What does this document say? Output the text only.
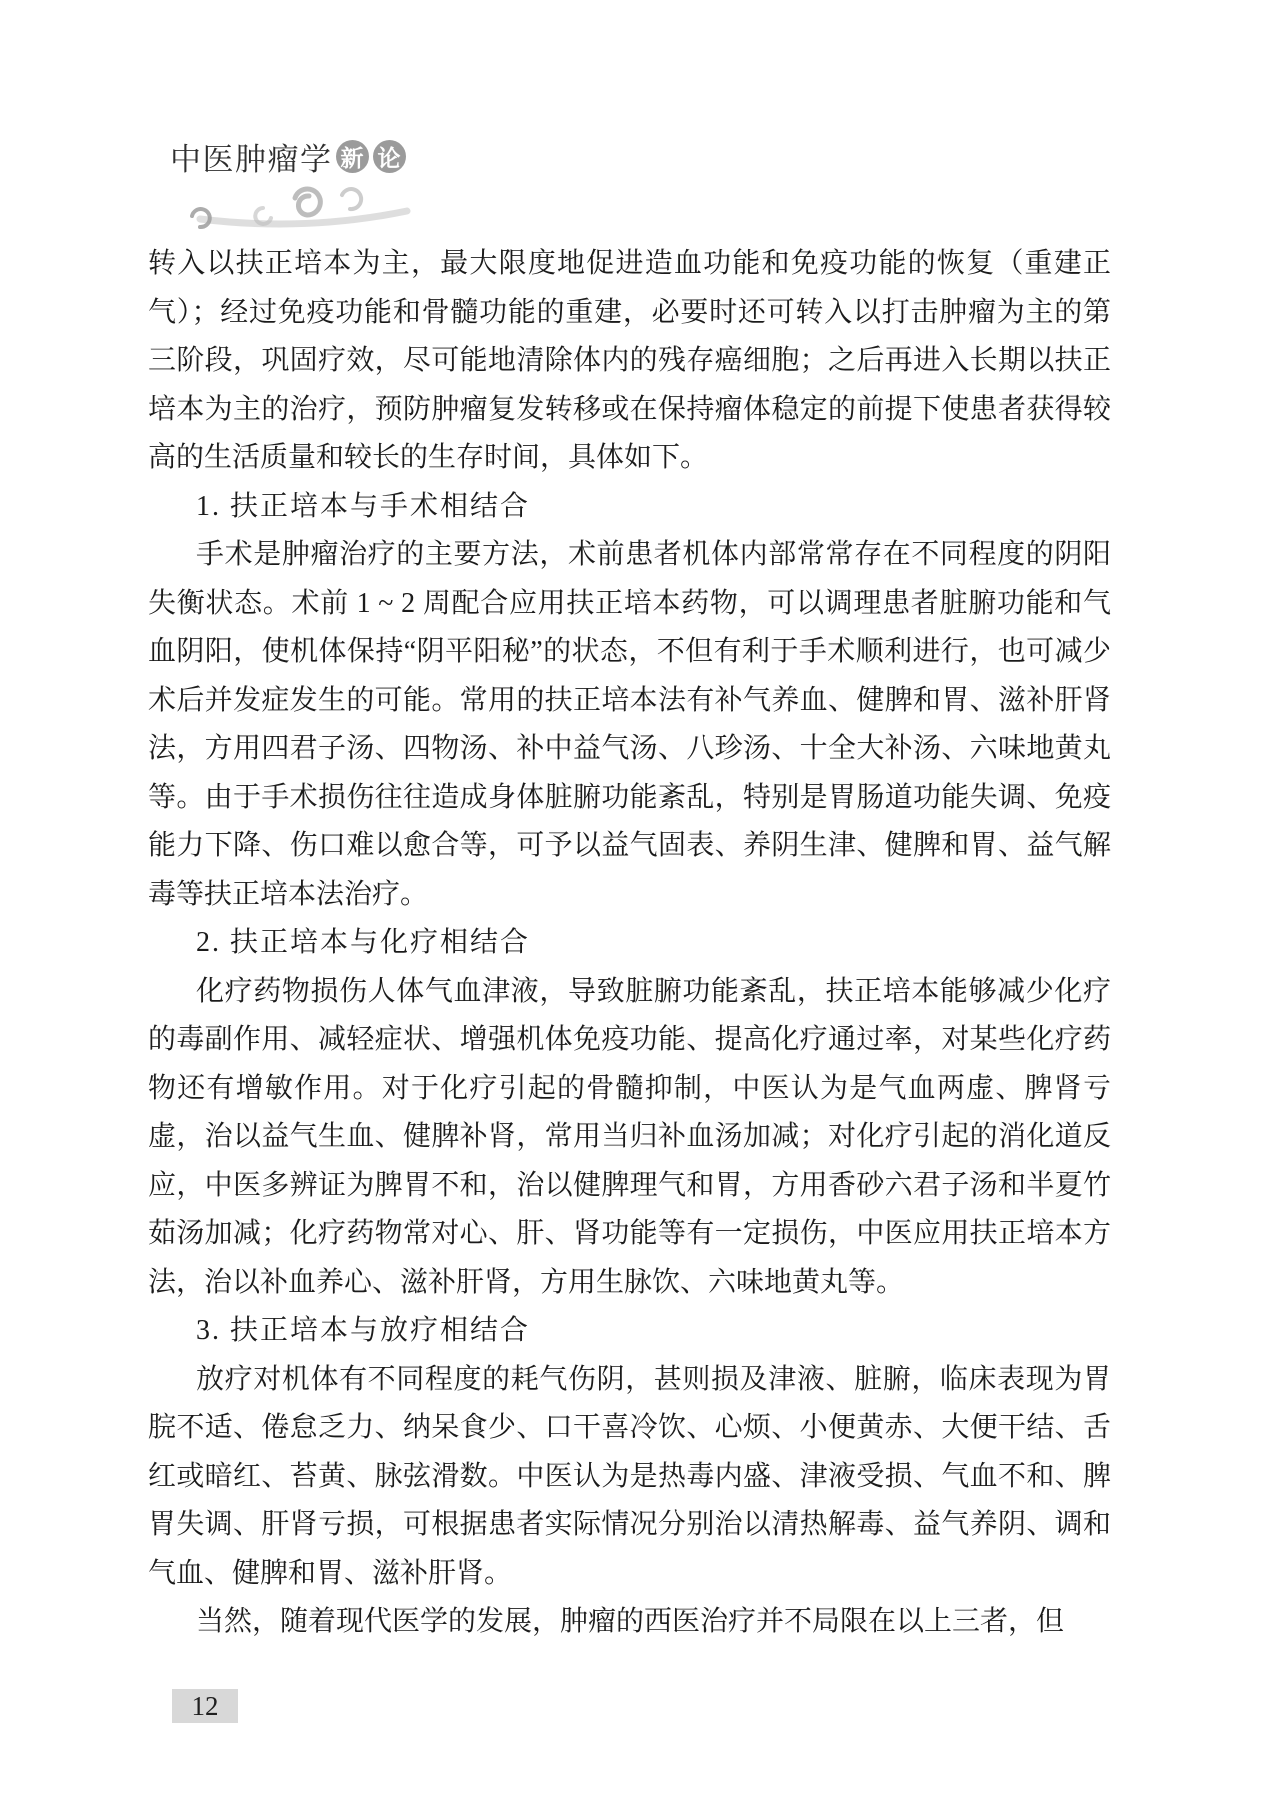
中医肿瘤学 新 论

转入以扶正培本为主，最大限度地促进造血功能和免疫功能的恢复（重建正气）；经过免疫功能和骨髓功能的重建，必要时还可转入以打击肿瘤为主的第三阶段，巩固疗效，尽可能地清除体内的残存癌细胞；之后再进入长期以扶正培本为主的治疗，预防肿瘤复发转移或在保持瘤体稳定的前提下使患者获得较高的生活质量和较长的生存时间，具体如下。

1. 扶正培本与手术相结合

手术是肿瘤治疗的主要方法，术前患者机体内部常常存在不同程度的阴阳失衡状态。术前 1 ~ 2 周配合应用扶正培本药物，可以调理患者脏腑功能和气血阴阳，使机体保持“阴平阳秘”的状态，不但有利于手术顺利进行，也可减少术后并发症发生的可能。常用的扶正培本法有补气养血、健脾和胃、滋补肝肾法，方用四君子汤、四物汤、补中益气汤、八珍汤、十全大补汤、六味地黄丸等。由于手术损伤往往造成身体脏腑功能紊乱，特别是胃肠道功能失调、免疫能力下降、伤口难以愈合等，可予以益气固表、养阴生津、健脾和胃、益气解毒等扶正培本法治疗。

2. 扶正培本与化疗相结合

化疗药物损伤人体气血津液，导致脏腑功能紊乱，扶正培本能够减少化疗的毒副作用、减轻症状、增强机体免疫功能、提高化疗通过率，对某些化疗药物还有增敏作用。对于化疗引起的骨髓抑制，中医认为是气血两虚、脾肾亏虚，治以益气生血、健脾补肾，常用当归补血汤加减；对化疗引起的消化道反应，中医多辨证为脾胃不和，治以健脾理气和胃，方用香砂六君子汤和半夏竹茹汤加减；化疗药物常对心、肝、肾功能等有一定损伤，中医应用扶正培本方法，治以补血养心、滋补肝肾，方用生脉饮、六味地黄丸等。

3. 扶正培本与放疗相结合

放疗对机体有不同程度的耗气伤阴，甚则损及津液、脏腑，临床表现为胃脘不适、倦怠乏力、纳呆食少、口干喜冷饮、心烦、小便黄赤、大便干结、舌红或暗红、苔黄、脉弦滑数。中医认为是热毒内盛、津液受损、气血不和、脾胃失调、肝肾亏损，可根据患者实际情况分别治以清热解毒、益气养阴、调和气血、健脾和胃、滋补肝肾。

当然，随着现代医学的发展，肿瘤的西医治疗并不局限在以上三者，但

12
